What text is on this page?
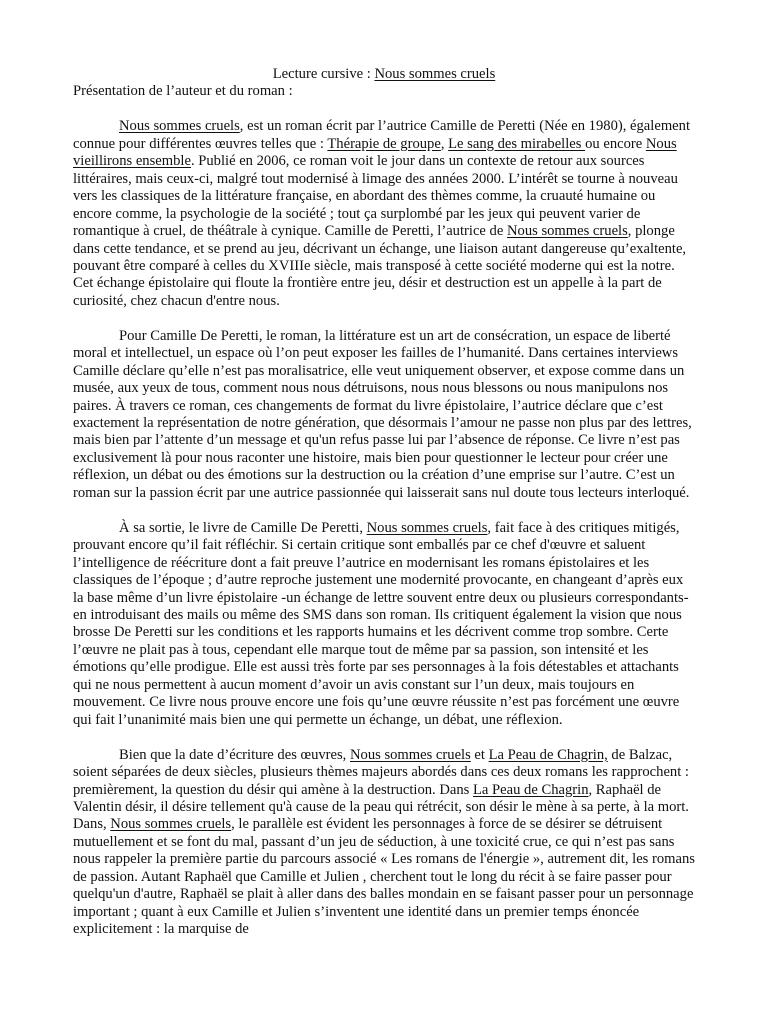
Lecture cursive : Nous sommes cruels

Présentation de l’auteur et du roman :

Nous sommes cruels, est un roman écrit par l’autrice Camille de Peretti (Née en 1980), également connue pour différentes œuvres telles que : Thérapie de groupe, Le sang des mirabelles ou encore Nous vieillirons ensemble. Publié en 2006, ce roman voit le jour dans un contexte de retour aux sources littéraires, mais ceux-ci, malgré tout modernisé à limage des années 2000. L’intérêt se tourne à nouveau vers les classiques de la littérature française, en abordant des thèmes comme, la cruauté humaine ou encore comme, la psychologie de la société ; tout ça surplombé par les jeux qui peuvent varier de romantique à cruel, de théâtrale à cynique. Camille de Peretti, l’autrice de Nous sommes cruels, plonge dans cette tendance, et se prend au jeu, décrivant un échange, une liaison autant dangereuse qu’exaltente, pouvant être comparé à celles du XVIIIe siècle, mais transposé à cette société moderne qui est la notre. Cet échange épistolaire qui floute la frontière entre jeu, désir et destruction est un appelle à la part de curiosité, chez chacun d'entre nous.

Pour Camille De Peretti, le roman, la littérature est un art de consécration, un espace de liberté moral et intellectuel, un espace où l’on peut exposer les failles de l’humanité. Dans certaines interviews Camille déclare qu’elle n’est pas moralisatrice, elle veut uniquement observer, et expose comme dans un musée, aux yeux de tous, comment nous nous détruisons, nous nous blessons ou nous manipulons nos paires. À travers ce roman, ces changements de format du livre épistolaire, l’autrice déclare que c’est exactement la représentation de notre génération, que désormais l’amour ne passe non plus par des lettres, mais bien par l’attente d’un message et qu'un refus passe lui par l’absence de réponse. Ce livre n’est pas exclusivement là pour nous raconter une histoire, mais bien pour questionner le lecteur pour créer une réflexion, un débat ou des émotions sur la destruction ou la création d’une emprise sur l’autre. C’est un roman sur la passion écrit par une autrice passionnée qui laisserait sans nul doute tous lecteurs interloqué.

À sa sortie, le livre de Camille De Peretti, Nous sommes cruels, fait face à des critiques mitigés, prouvant encore qu’il fait réfléchir. Si certain critique sont emballés par ce chef d'œuvre et saluent l’intelligence de réécriture dont a fait preuve l’autrice en modernisant les romans épistolaires et les classiques de l’époque ; d’autre reproche justement une modernité provocante, en changeant d’après eux la base même d’un livre épistolaire -un échange de lettre souvent entre deux ou plusieurs correspondants- en introduisant des mails ou même des SMS dans son roman. Ils critiquent également la vision que nous brosse De Peretti sur les conditions et les rapports humains et les décrivent comme trop sombre. Certe l’œuvre ne plait pas à tous, cependant elle marque tout de même par sa passion, son intensité et les émotions qu’elle prodigue. Elle est aussi très forte par ses personnages à la fois détestables et attachants qui ne nous permettent à aucun moment d’avoir un avis constant sur l’un deux, mais toujours en mouvement. Ce livre nous prouve encore une fois qu’une œuvre réussite n’est pas forcément une œuvre qui fait l’unanimité mais bien une qui permette un échange, un débat, une réflexion.

Bien que la date d’écriture des œuvres, Nous sommes cruels et La Peau de Chagrin, de Balzac, soient séparées de deux siècles, plusieurs thèmes majeurs abordés dans ces deux romans les rapprochent : premièrement, la question du désir qui amène à la destruction. Dans La Peau de Chagrin, Raphaël de Valentin désir, il désire tellement qu'à cause de la peau qui rétrécit, son désir le mène à sa perte, à la mort. Dans, Nous sommes cruels, le parallèle est évident les personnages à force de se désirer se détruisent mutuellement et se font du mal, passant d’un jeu de séduction, à une toxicité crue, ce qui n’est pas sans nous rappeler la première partie du parcours associé « Les romans de l'énergie », autrement dit, les romans de passion. Autant Raphaël que Camille et Julien , cherchent tout le long du récit à se faire passer pour quelqu'un d'autre, Raphaël se plait à aller dans des balles mondain en se faisant passer pour un personnage important ; quant à eux Camille et Julien s’inventent une identité dans un premier temps énoncée explicitement : la marquise de
